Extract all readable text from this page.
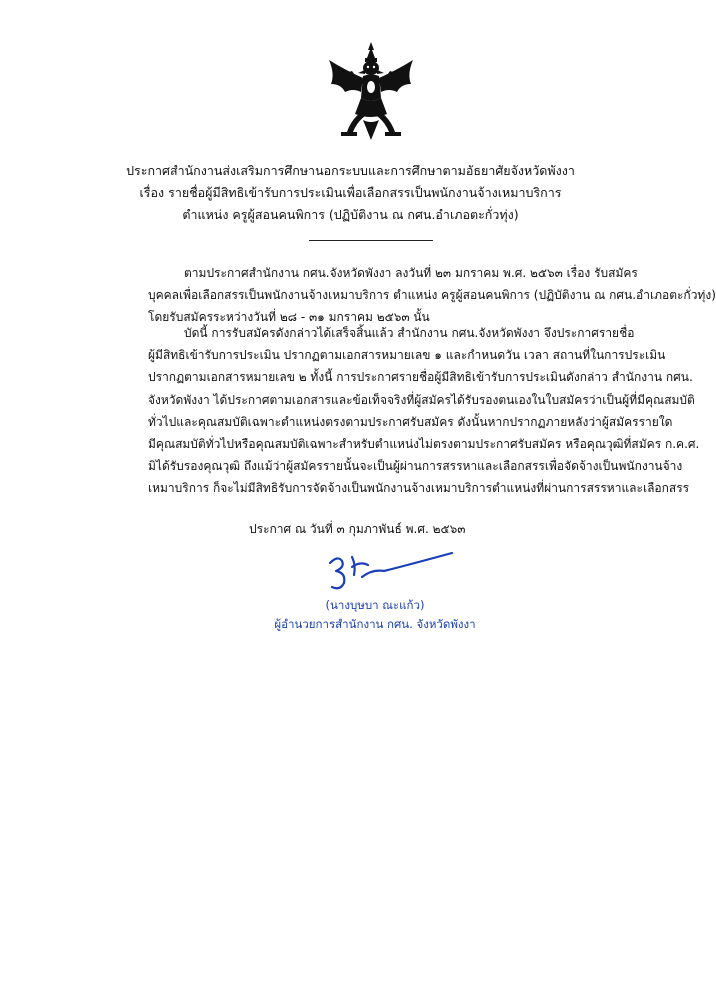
ประกาศสำนักงานส่งเสริมการศึกษานอกระบบและการศึกษาตามอัธยาศัยจังหวัดพังงา
เรื่อง รายชื่อผู้มีสิทธิเข้ารับการประเมินเพื่อเลือกสรรเป็นพนักงานจ้างเหมาบริการ
ตำแหน่ง ครูผู้สอนคนพิการ (ปฏิบัติงาน ณ กศน.อำเภอตะกั่วทุ่ง)
ตามประกาศสำนักงาน กศน.จังหวัดพังงา ลงวันที่ ๒๓ มกราคม พ.ศ. ๒๕๖๓ เรื่อง รับสมัคร
บุคคลเพื่อเลือกสรรเป็นพนักงานจ้างเหมาบริการ ตำแหน่ง ครูผู้สอนคนพิการ (ปฏิบัติงาน ณ กศน.อำเภอตะกั่วทุ่ง)
โดยรับสมัครระหว่างวันที่ ๒๘ - ๓๑ มกราคม ๒๕๖๓ นั้น
บัดนี้ การรับสมัครดังกล่าวได้เสร็จสิ้นแล้ว สำนักงาน กศน.จังหวัดพังงา จึงประกาศรายชื่อ
ผู้มีสิทธิเข้ารับการประเมิน ปรากฏตามเอกสารหมายเลข ๑ และกำหนดวัน เวลา สถานที่ในการประเมิน
ปรากฏตามเอกสารหมายเลข ๒ ทั้งนี้ การประกาศรายชื่อผู้มีสิทธิเข้ารับการประเมินดังกล่าว สำนักงาน กศน.
จังหวัดพังงา ได้ประกาศตามเอกสารและข้อเท็จจริงที่ผู้สมัครได้รับรองตนเองในใบสมัครว่าเป็นผู้ที่มีคุณสมบัติ
ทั่วไปและคุณสมบัติเฉพาะตำแหน่งตรงตามประกาศรับสมัคร ดังนั้นหากปรากฏภายหลังว่าผู้สมัครรายใด
มีคุณสมบัติทั่วไปหรือคุณสมบัติเฉพาะสำหรับตำแหน่งไม่ตรงตามประกาศรับสมัคร หรือคุณวุฒิที่สมัคร ก.ค.ศ.
มิได้รับรองคุณวุฒิ ถึงแม้ว่าผู้สมัครรายนั้นจะเป็นผู้ผ่านการสรรหาและเลือกสรรเพื่อจัดจ้างเป็นพนักงานจ้าง
เหมาบริการ ก็จะไม่มีสิทธิรับการจัดจ้างเป็นพนักงานจ้างเหมาบริการตำแหน่งที่ผ่านการสรรหาและเลือกสรร
ประกาศ ณ วันที่ ๓ กุมภาพันธ์ พ.ศ. ๒๕๖๓
(นางบุษบา ณะแก้ว)
ผู้อำนวยการสำนักงาน กศน. จังหวัดพังงา
